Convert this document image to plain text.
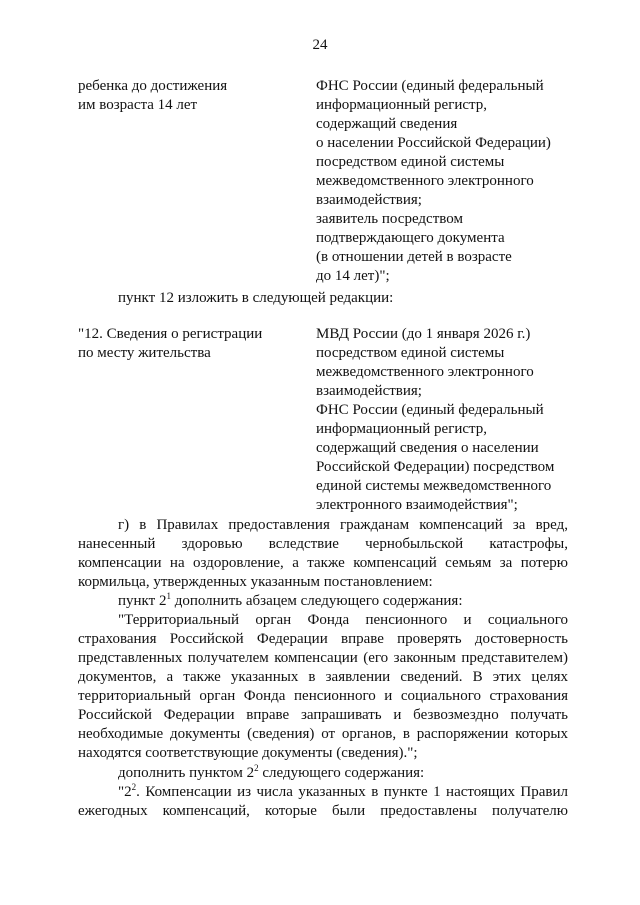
24
ребенка до достижения
им возраста 14 лет
ФНС России (единый федеральный
информационный регистр,
содержащий сведения
о населении Российской Федерации)
посредством единой системы
межведомственного электронного
взаимодействия;
заявитель посредством
подтверждающего документа
(в отношении детей в возрасте
до 14 лет)";
пункт 12 изложить в следующей редакции:
"12. Сведения о регистрации
по месту жительства
МВД России (до 1 января 2026 г.)
посредством единой системы
межведомственного электронного
взаимодействия;
ФНС России (единый федеральный
информационный регистр,
содержащий сведения о населении
Российской Федерации) посредством
единой системы межведомственного
электронного взаимодействия";
г) в Правилах предоставления гражданам компенсаций за вред,
нанесенный здоровью вследствие чернобыльской катастрофы,
компенсации на оздоровление, а также компенсаций семьям за потерю
кормильца, утвержденных указанным постановлением:
пункт $2^1$ дополнить абзацем следующего содержания:
"Территориальный орган Фонда пенсионного и социального
страхования Российской Федерации вправе проверять достоверность
представленных получателем компенсации (его законным представителем)
документов, а также указанных в заявлении сведений. В этих целях
территориальный орган Фонда пенсионного и социального страхования
Российской Федерации вправе запрашивать и безвозмездно получать
необходимые документы (сведения) от органов, в распоряжении которых
находятся соответствующие документы (сведения).";
дополнить пунктом $2^2$ следующего содержания:
"$2^2$. Компенсации из числа указанных в пункте 1 настоящих Правил
ежегодных компенсаций, которые были предоставлены получателю
